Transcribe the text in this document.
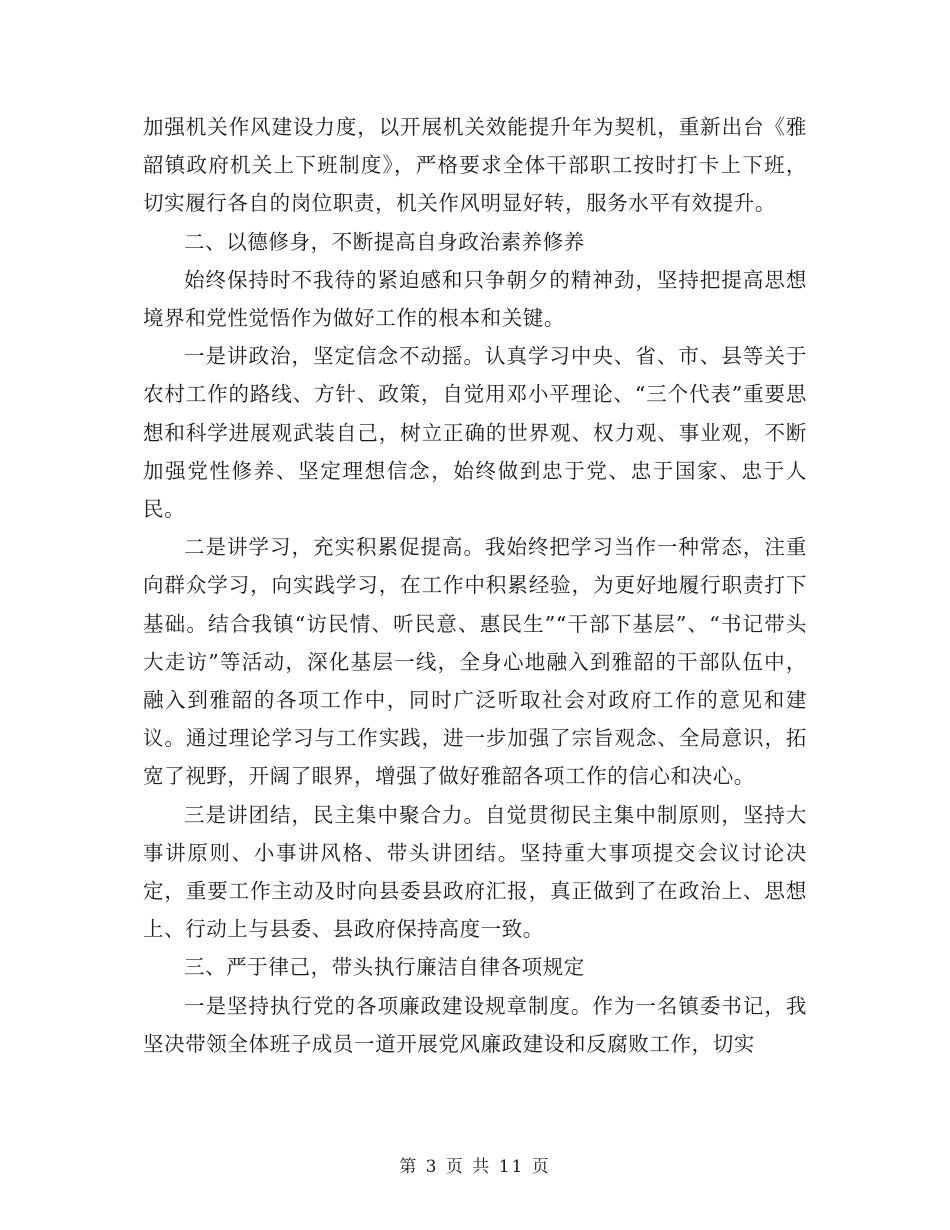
加强机关作风建设力度，以开展机关效能提升年为契机，重新出台《雅韶镇政府机关上下班制度》，严格要求全体干部职工按时打卡上下班，切实履行各自的岗位职责，机关作风明显好转，服务水平有效提升。

二、以德修身，不断提高自身政治素养修养

始终保持时不我待的紧迫感和只争朝夕的精神劲，坚持把提高思想境界和党性觉悟作为做好工作的根本和关键。

一是讲政治，坚定信念不动摇。认真学习中央、省、市、县等关于农村工作的路线、方针、政策，自觉用邓小平理论、“三个代表”重要思想和科学进展观武装自己，树立正确的世界观、权力观、事业观，不断加强党性修养、坚定理想信念，始终做到忠于党、忠于国家、忠于人民。

二是讲学习，充实积累促提高。我始终把学习当作一种常态，注重向群众学习，向实践学习，在工作中积累经验，为更好地履行职责打下基础。结合我镇“访民情、听民意、惠民生”“干部下基层”、“书记带头大走访”等活动，深化基层一线，全身心地融入到雅韶的干部队伍中，融入到雅韶的各项工作中，同时广泛听取社会对政府工作的意见和建议。通过理论学习与工作实践，进一步加强了宗旨观念、全局意识，拓宽了视野，开阔了眼界，增强了做好雅韶各项工作的信心和决心。

三是讲团结，民主集中聚合力。自觉贯彻民主集中制原则，坚持大事讲原则、小事讲风格、带头讲团结。坚持重大事项提交会议讨论决定，重要工作主动及时向县委县政府汇报，真正做到了在政治上、思想上、行动上与县委、县政府保持高度一致。

三、严于律己，带头执行廉洁自律各项规定

一是坚持执行党的各项廉政建设规章制度。作为一名镇委书记，我坚决带领全体班子成员一道开展党风廉政建设和反腐败工作，切实

第 3 页 共 11 页
